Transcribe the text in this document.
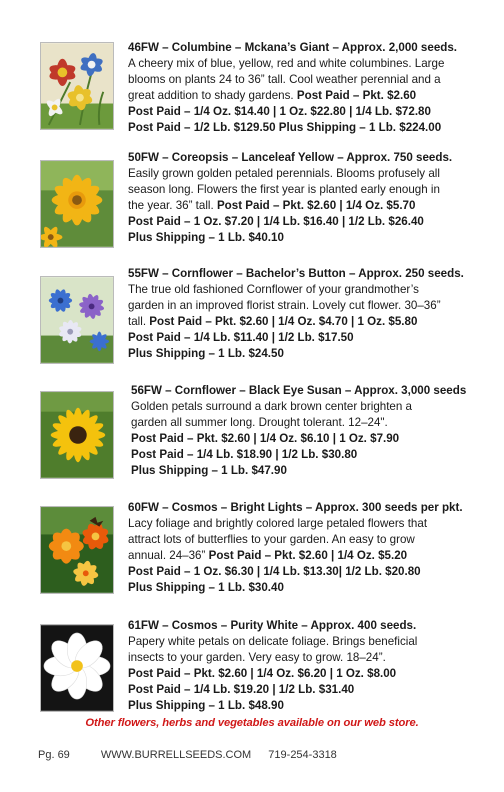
46FW – Columbine – Mckana’s Giant – Approx. 2,000 seeds.
A cheery mix of blue, yellow, red and white columbines. Large
blooms on plants 24 to 36” tall. Cool weather perennial and a
great addition to shady gardens. Post Paid – Pkt. $2.60
Post Paid – 1/4 Oz. $14.40 | 1 Oz. $22.80 | 1/4 Lb. $72.80
Post Paid – 1/2 Lb. $129.50 Plus Shipping – 1 Lb. $224.00
50FW – Coreopsis – Lanceleaf Yellow – Approx. 750 seeds.
Easily grown golden petaled perennials. Blooms profusely all
season long. Flowers the first year is planted early enough in
the year. 36” tall. Post Paid – Pkt. $2.60 | 1/4 Oz. $5.70
Post Paid – 1 Oz. $7.20 | 1/4 Lb. $16.40 | 1/2 Lb. $26.40
Plus Shipping – 1 Lb. $40.10
55FW – Cornflower – Bachelor’s Button – Approx. 250 seeds.
The true old fashioned Cornflower of your grandmother’s
garden in an improved florist strain. Lovely cut flower. 30–36”
tall. Post Paid – Pkt. $2.60 | 1/4 Oz. $4.70 | 1 Oz. $5.80
Post Paid – 1/4 Lb. $11.40 | 1/2 Lb. $17.50
Plus Shipping – 1 Lb. $24.50
56FW – Cornflower – Black Eye Susan – Approx. 3,000 seeds
Golden petals surround a dark brown center brighten a
garden all summer long. Drought tolerant. 12–24".
Post Paid – Pkt. $2.60 | 1/4 Oz. $6.10 | 1 Oz. $7.90
Post Paid – 1/4 Lb. $18.90 | 1/2 Lb. $30.80
Plus Shipping – 1 Lb. $47.90
60FW – Cosmos – Bright Lights – Approx. 300 seeds per pkt.
Lacy foliage and brightly colored large petaled flowers that
attract lots of butterflies to your garden. An easy to grow
annual. 24–36” Post Paid – Pkt. $2.60 | 1/4 Oz. $5.20
Post Paid – 1 Oz. $6.30 | 1/4 Lb. $13.30| 1/2 Lb. $20.80
Plus Shipping – 1 Lb. $30.40
61FW – Cosmos – Purity White – Approx. 400 seeds.
Papery white petals on delicate foliage. Brings beneficial
insects to your garden. Very easy to grow. 18–24”.
Post Paid – Pkt. $2.60 | 1/4 Oz. $6.20 | 1 Oz. $8.00
Post Paid – 1/4 Lb. $19.20 | 1/2 Lb. $31.40
Plus Shipping – 1 Lb. $48.90
Other flowers, herbs and vegetables available on our web store.
Pg. 69	WWW.BURRELLSEEDS.COM 719-254-3318
